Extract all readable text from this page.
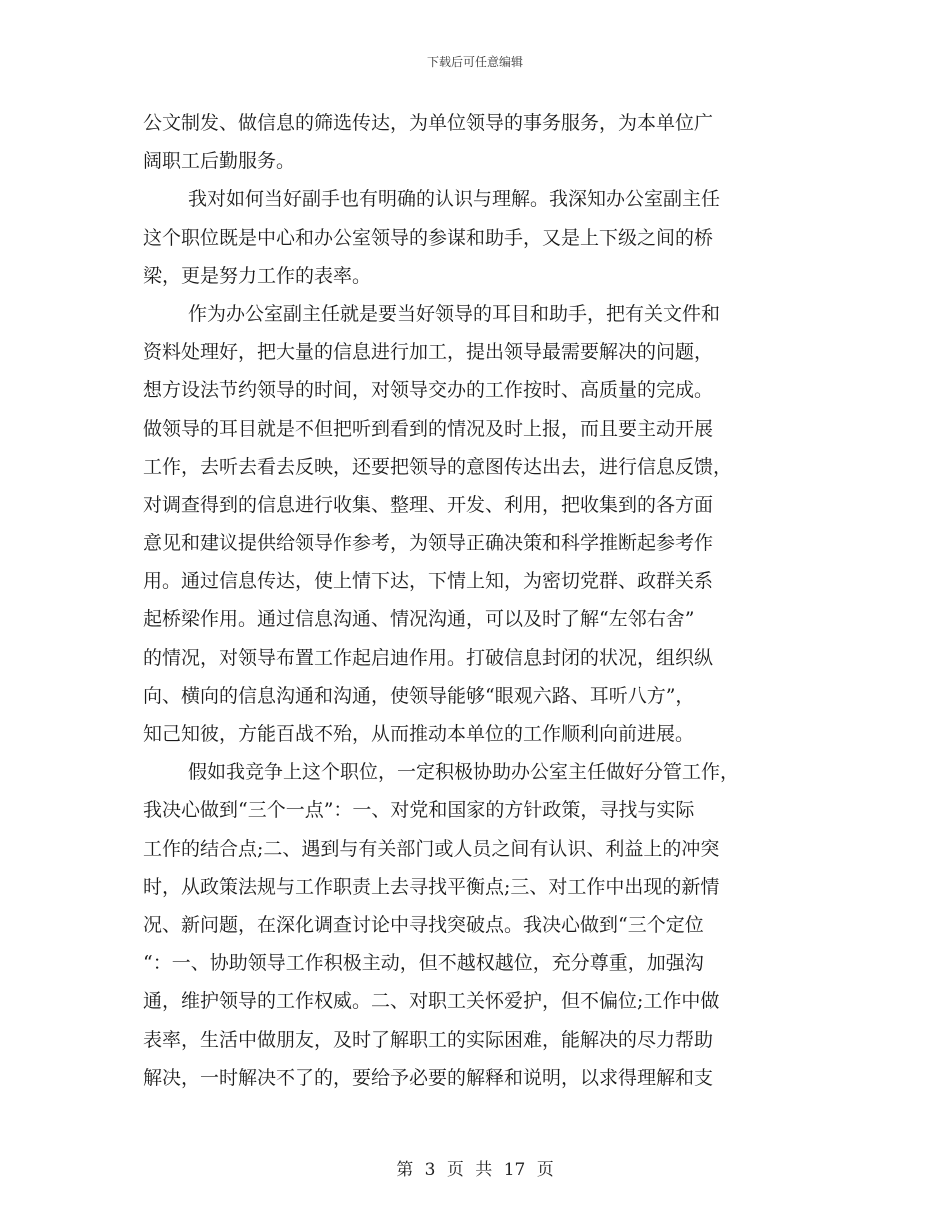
下载后可任意编辑
公文制发、做信息的筛选传达，为单位领导的事务服务，为本单位广
阔职工后勤服务。
我对如何当好副手也有明确的认识与理解。我深知办公室副主任
这个职位既是中心和办公室领导的参谋和助手，又是上下级之间的桥
梁，更是努力工作的表率。
作为办公室副主任就是要当好领导的耳目和助手，把有关文件和
资料处理好，把大量的信息进行加工，提出领导最需要解决的问题，
想方设法节约领导的时间，对领导交办的工作按时、高质量的完成。
做领导的耳目就是不但把听到看到的情况及时上报，而且要主动开展
工作，去听去看去反映，还要把领导的意图传达出去，进行信息反馈，
对调查得到的信息进行收集、整理、开发、利用，把收集到的各方面
意见和建议提供给领导作参考，为领导正确决策和科学推断起参考作
用。通过信息传达，使上情下达，下情上知，为密切党群、政群关系
起桥梁作用。通过信息沟通、情况沟通，可以及时了解“左邻右舍”
的情况，对领导布置工作起启迪作用。打破信息封闭的状况，组织纵
向、横向的信息沟通和沟通，使领导能够“眼观六路、耳听八方”，
知己知彼，方能百战不殆，从而推动本单位的工作顺利向前进展。
假如我竞争上这个职位，一定积极协助办公室主任做好分管工作，
我决心做到“三个一点”：一、对党和国家的方针政策，寻找与实际
工作的结合点;二、遇到与有关部门或人员之间有认识、利益上的冲突
时，从政策法规与工作职责上去寻找平衡点;三、对工作中出现的新情
况、新问题，在深化调查讨论中寻找突破点。我决心做到“三个定位
“：一、协助领导工作积极主动，但不越权越位，充分尊重，加强沟
通，维护领导的工作权威。二、对职工关怀爱护，但不偏位;工作中做
表率，生活中做朋友，及时了解职工的实际困难，能解决的尽力帮助
解决，一时解决不了的，要给予必要的解释和说明，以求得理解和支
第 3 页 共 17 页
